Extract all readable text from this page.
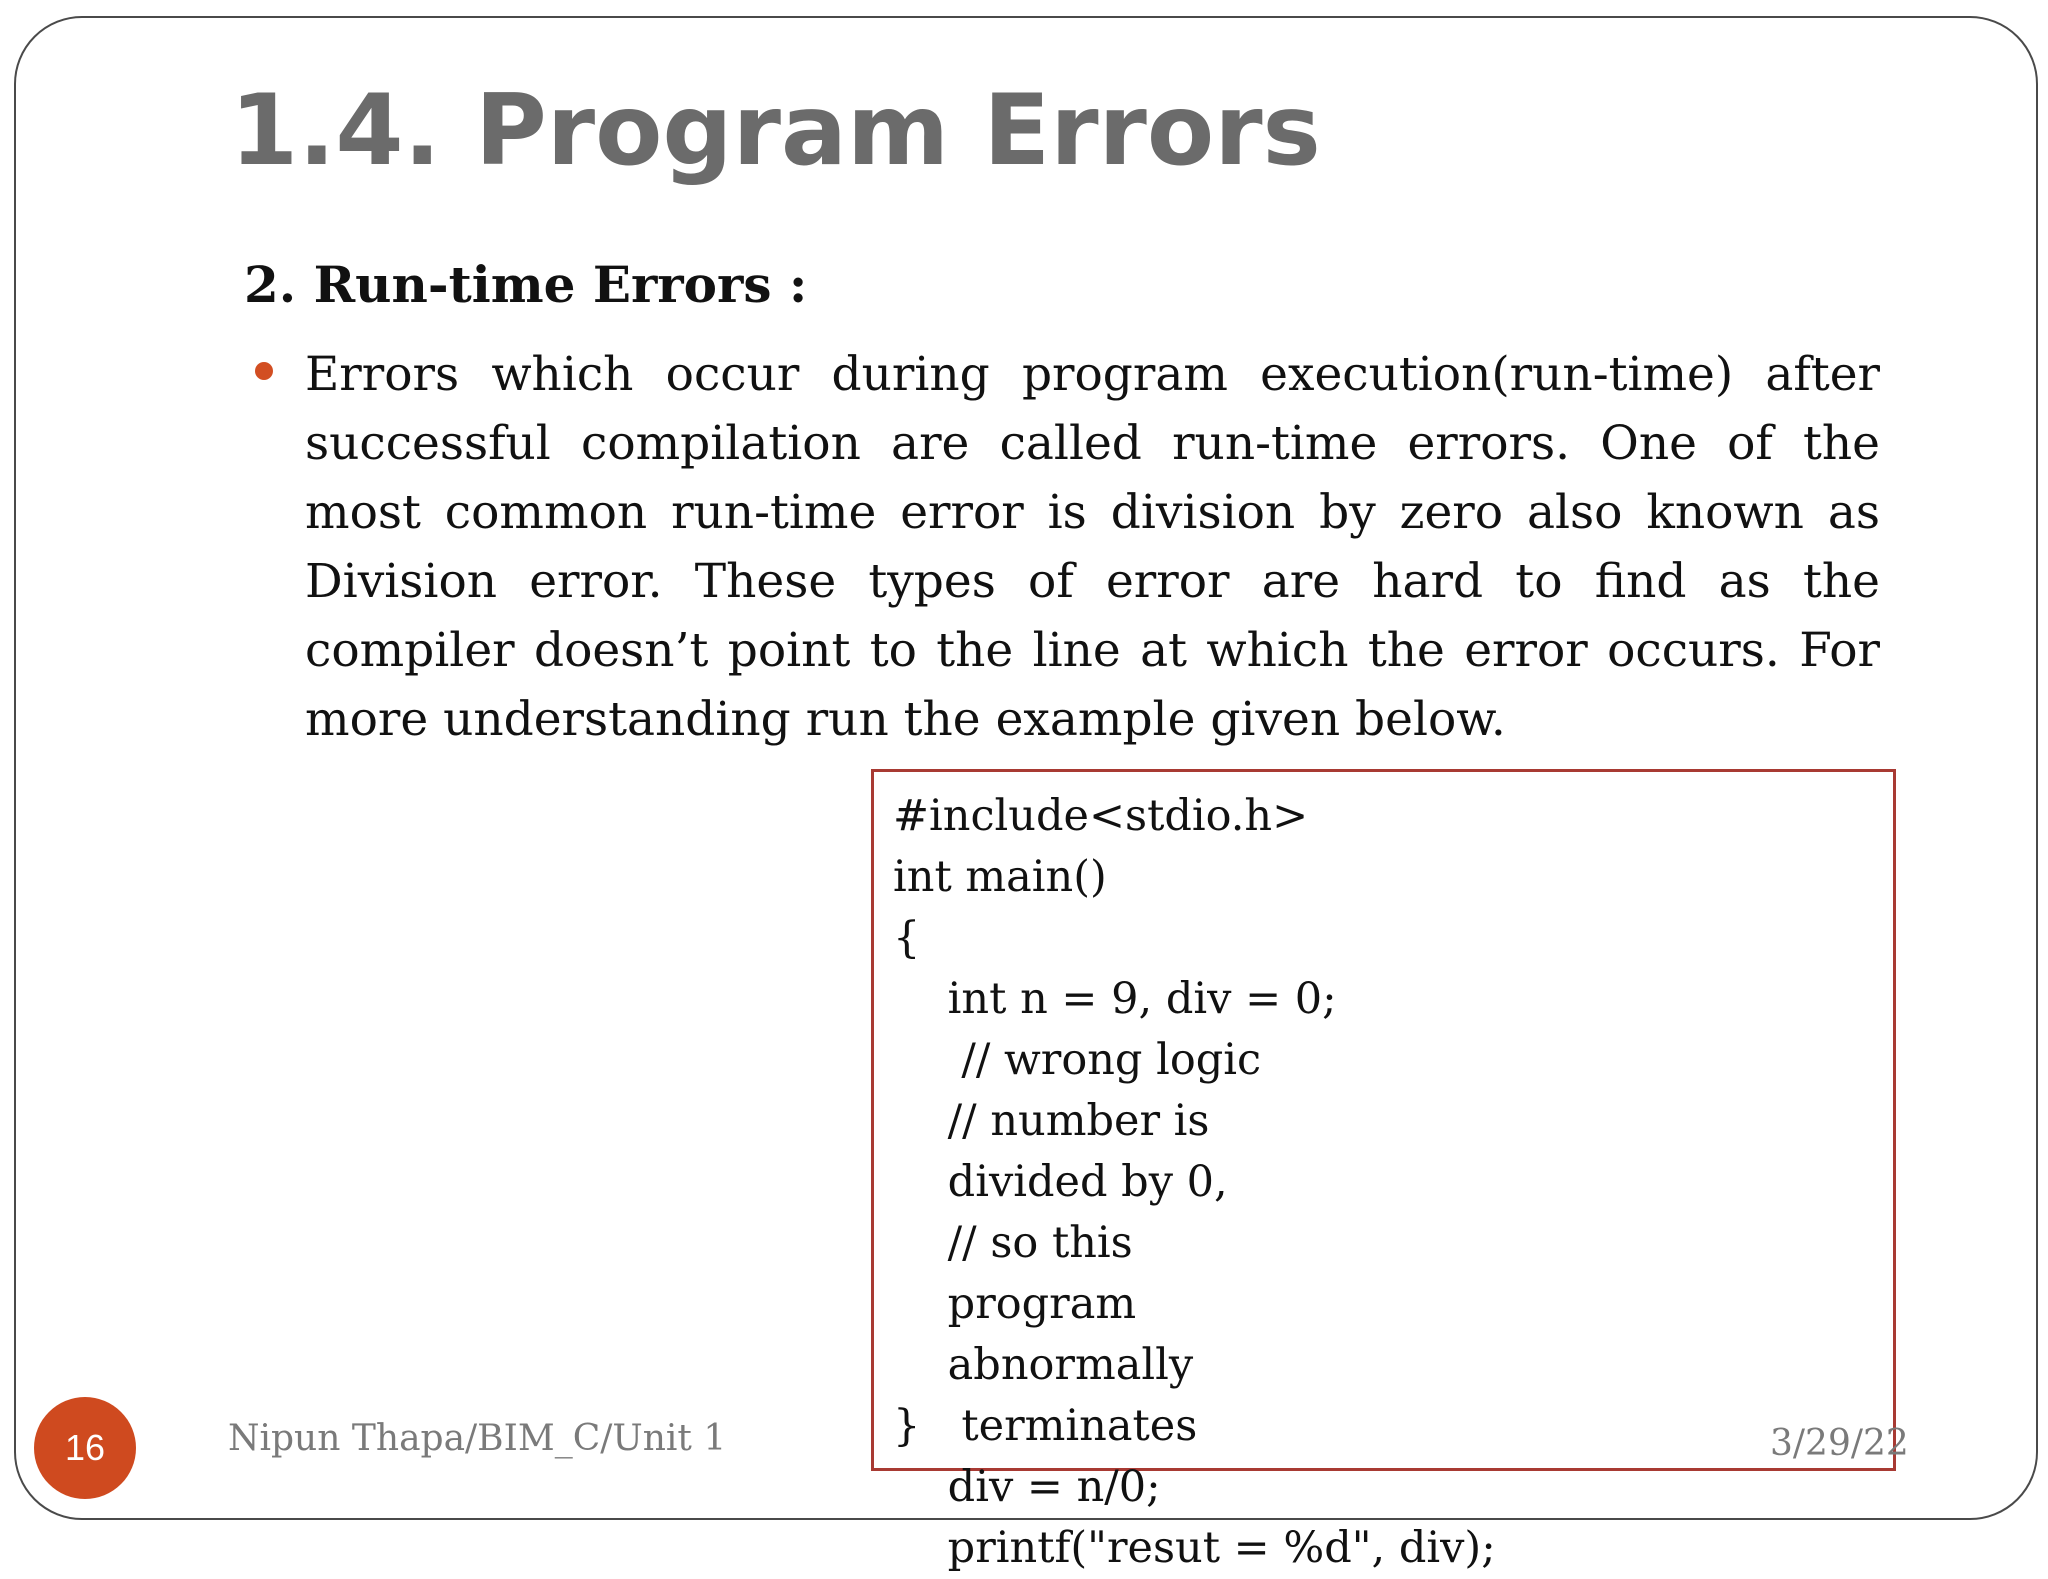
1.4. Program Errors
2. Run-time Errors :

Errors which occur during program execution(run-time) after successful compilation are called run-time errors. One of the most common run-time error is division by zero also known as Division error. These types of error are hard to find as the compiler doesn’t point to the line at which the error occurs. For more understanding run the example given below.

#include<stdio.h>
int main()
{
int n = 9, div = 0;
// wrong logic
// number is
divided by 0,
// so this
program
abnormally
}   terminates
div = n/0;
printf("resut = %d", div);
16	Nipun Thapa/BIM_C/Unit 1	3/29/22
